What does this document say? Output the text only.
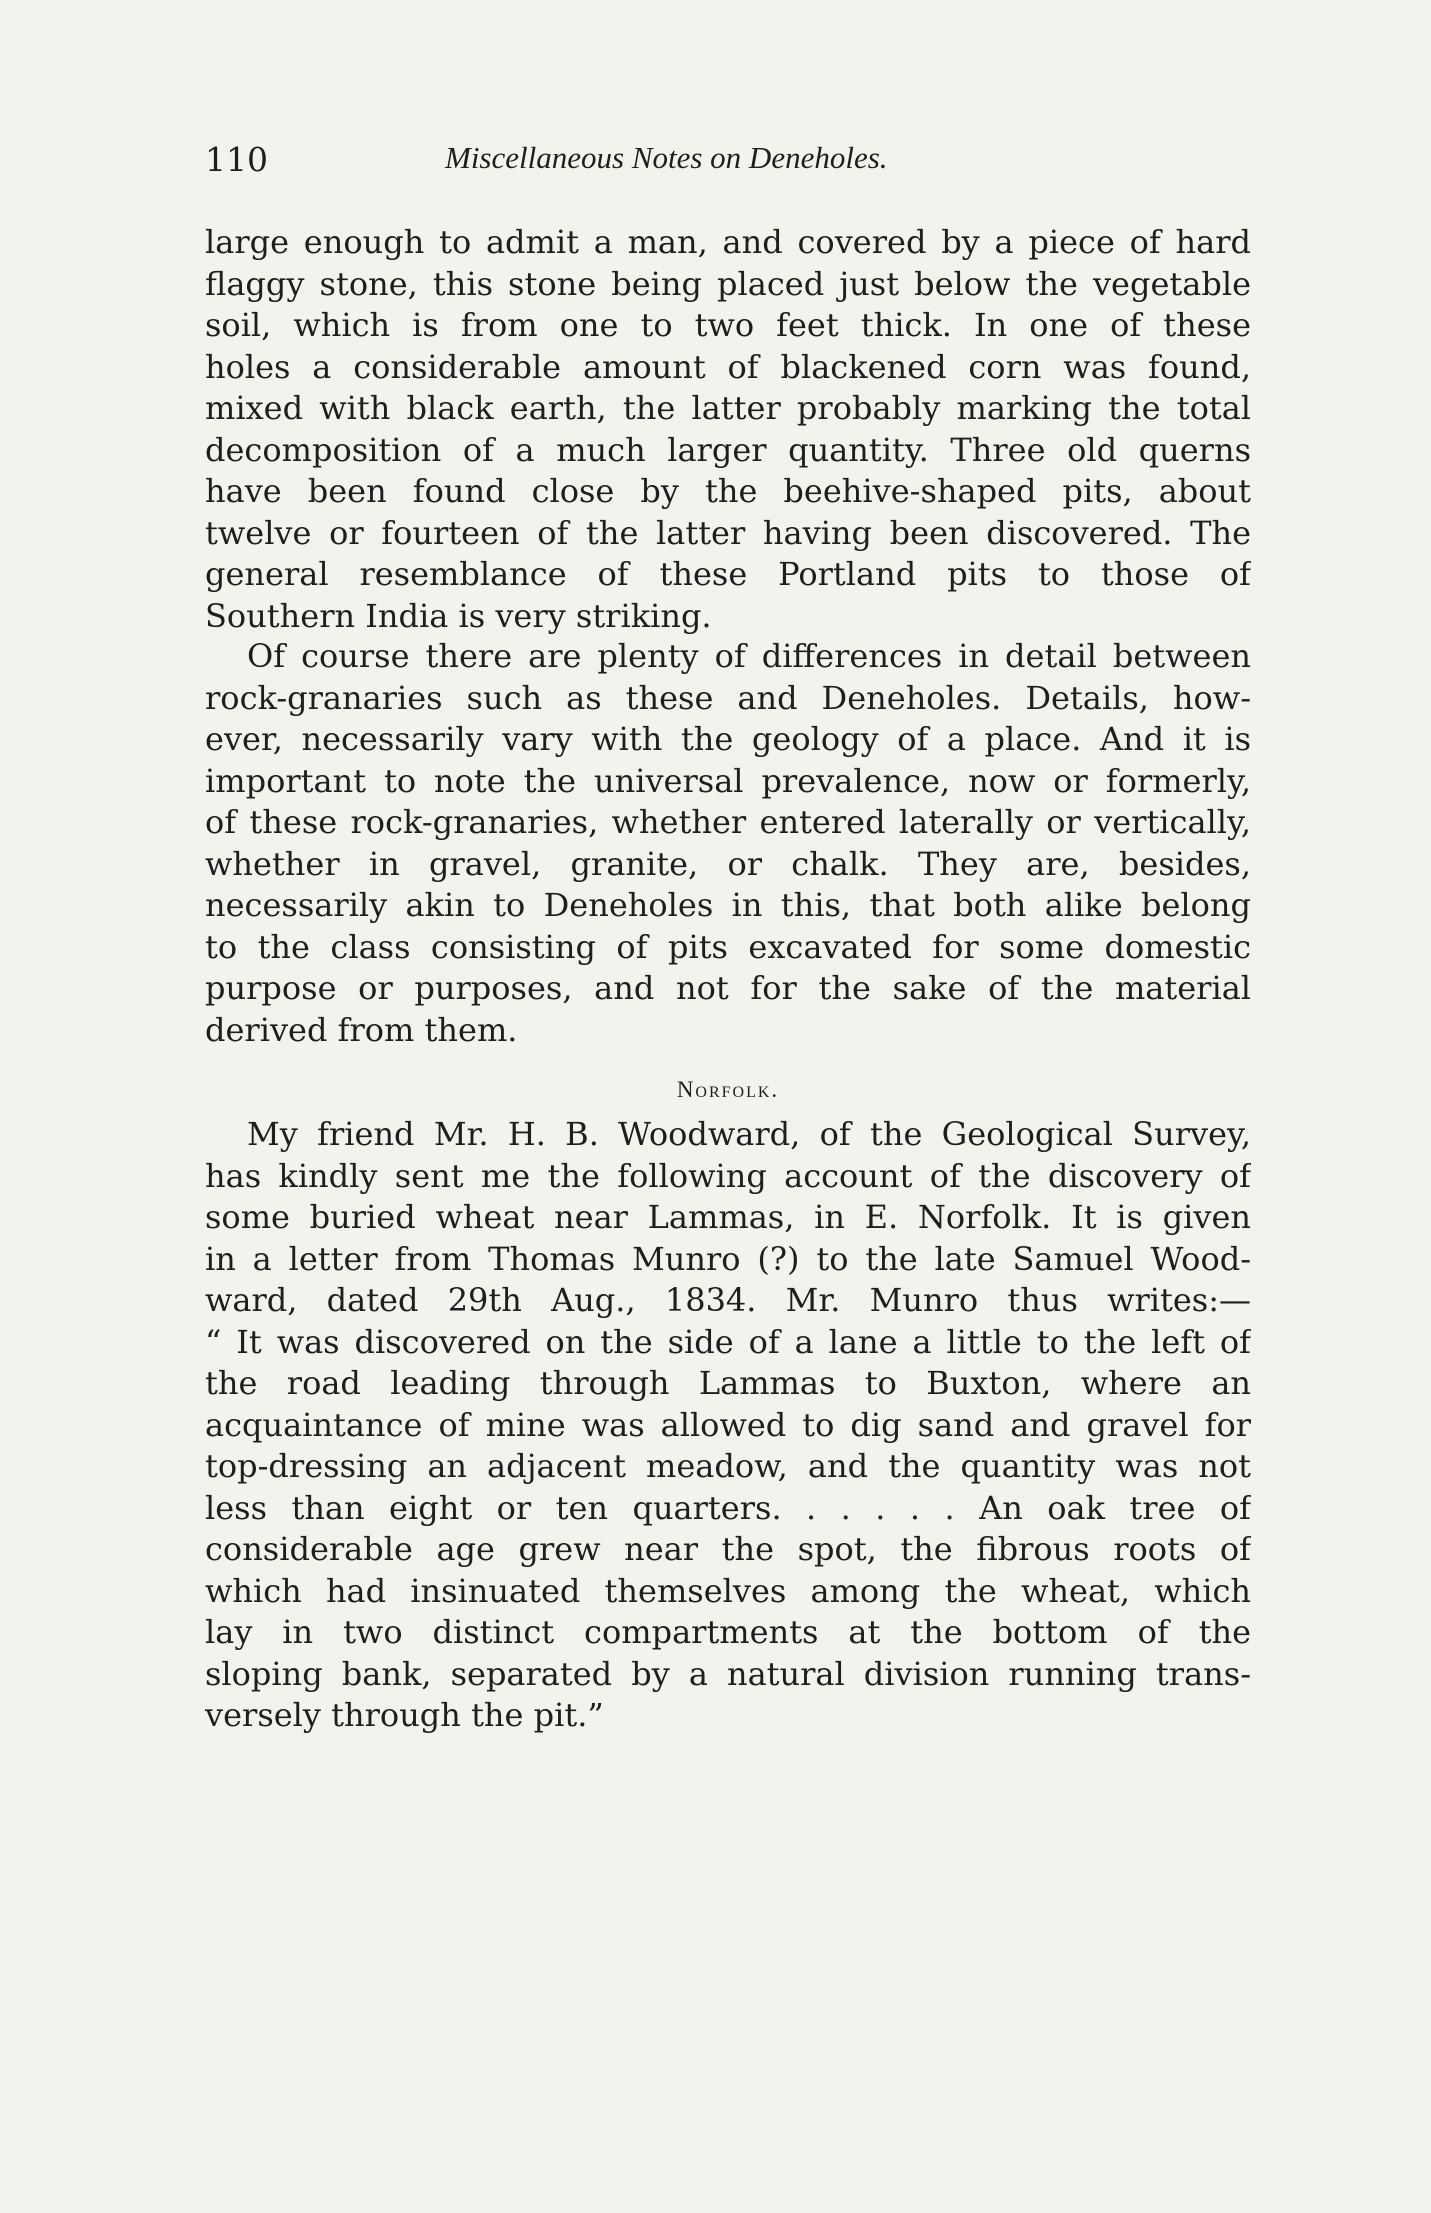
110	Miscellaneous Notes on Deneholes.
large enough to admit a man, and covered by a piece of hard
flaggy stone, this stone being placed just below the vegetable
soil, which is from one to two feet thick. In one of these
holes a considerable amount of blackened corn was found,
mixed with black earth, the latter probably marking the total
decomposition of a much larger quantity. Three old querns
have been found close by the beehive-shaped pits, about
twelve or fourteen of the latter having been discovered. The
general resemblance of these Portland pits to those of
Southern India is very striking.
Of course there are plenty of differences in detail between
rock-granaries such as these and Deneholes. Details, how-
ever, necessarily vary with the geology of a place. And it is
important to note the universal prevalence, now or formerly,
of these rock-granaries, whether entered laterally or vertically,
whether in gravel, granite, or chalk. They are, besides,
necessarily akin to Deneholes in this, that both alike belong
to the class consisting of pits excavated for some domestic
purpose or purposes, and not for the sake of the material
derived from them.
Norfolk.
My friend Mr. H. B. Woodward, of the Geological Survey,
has kindly sent me the following account of the discovery of
some buried wheat near Lammas, in E. Norfolk. It is given
in a letter from Thomas Munro (?) to the late Samuel Wood-
ward, dated 29th Aug., 1834. Mr. Munro thus writes:—
“ It was discovered on the side of a lane a little to the left of
the road leading through Lammas to Buxton, where an
acquaintance of mine was allowed to dig sand and gravel for
top-dressing an adjacent meadow, and the quantity was not
less than eight or ten quarters. . . . . . An oak tree of
considerable age grew near the spot, the fibrous roots of
which had insinuated themselves among the wheat, which
lay in two distinct compartments at the bottom of the
sloping bank, separated by a natural division running trans-
versely through the pit.”
